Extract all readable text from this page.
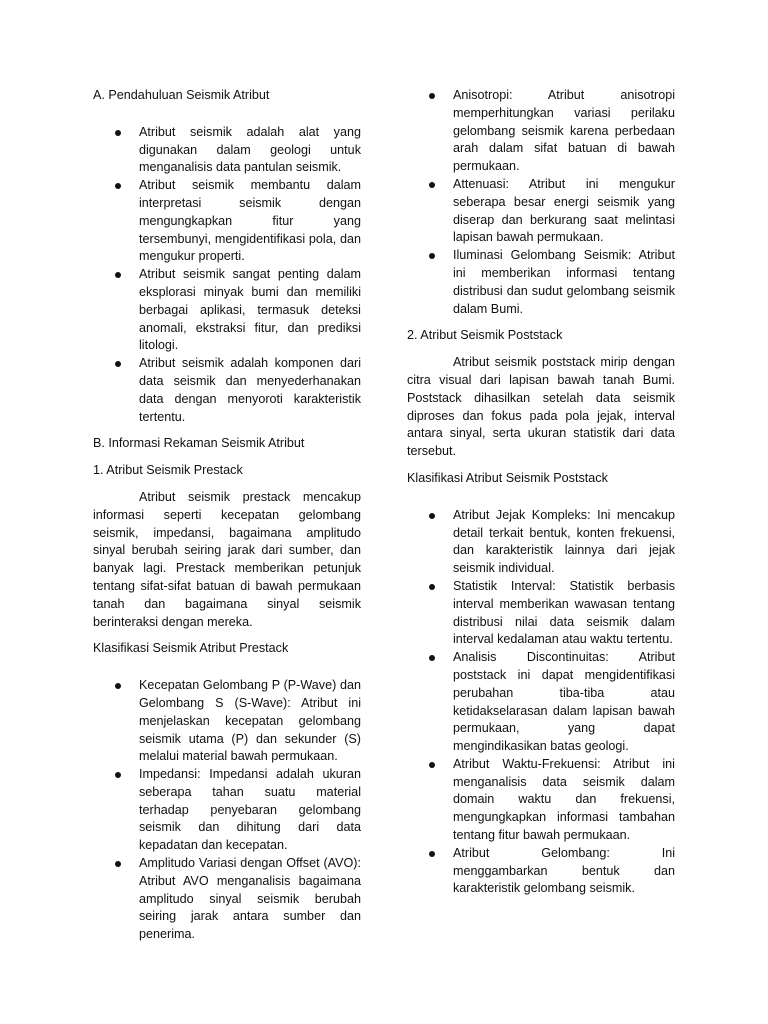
A. Pendahuluan Seismik Atribut
Atribut seismik adalah alat yang digunakan dalam geologi untuk menganalisis data pantulan seismik.
Atribut seismik membantu dalam interpretasi seismik dengan mengungkapkan fitur yang tersembunyi, mengidentifikasi pola, dan mengukur properti.
Atribut seismik sangat penting dalam eksplorasi minyak bumi dan memiliki berbagai aplikasi, termasuk deteksi anomali, ekstraksi fitur, dan prediksi litologi.
Atribut seismik adalah komponen dari data seismik dan menyederhanakan data dengan menyoroti karakteristik tertentu.
B. Informasi Rekaman Seismik Atribut
1. Atribut Seismik Prestack

Atribut seismik prestack mencakup informasi seperti kecepatan gelombang seismik, impedansi, bagaimana amplitudo sinyal berubah seiring jarak dari sumber, dan banyak lagi. Prestack memberikan petunjuk tentang sifat-sifat batuan di bawah permukaan tanah dan bagaimana sinyal seismik berinteraksi dengan mereka.

Klasifikasi Seismik Atribut Prestack
Kecepatan Gelombang P (P-Wave) dan Gelombang S (S-Wave): Atribut ini menjelaskan kecepatan gelombang seismik utama (P) dan sekunder (S) melalui material bawah permukaan.
Impedansi: Impedansi adalah ukuran seberapa tahan suatu material terhadap penyebaran gelombang seismik dan dihitung dari data kepadatan dan kecepatan.
Amplitudo Variasi dengan Offset (AVO): Atribut AVO menganalisis bagaimana amplitudo sinyal seismik berubah seiring jarak antara sumber dan penerima.
Anisotropi: Atribut anisotropi memperhitungkan variasi perilaku gelombang seismik karena perbedaan arah dalam sifat batuan di bawah permukaan.
Attenuasi: Atribut ini mengukur seberapa besar energi seismik yang diserap dan berkurang saat melintasi lapisan bawah permukaan.
Iluminasi Gelombang Seismik: Atribut ini memberikan informasi tentang distribusi dan sudut gelombang seismik dalam Bumi.
2. Atribut Seismik Poststack

Atribut seismik poststack mirip dengan citra visual dari lapisan bawah tanah Bumi. Poststack dihasilkan setelah data seismik diproses dan fokus pada pola jejak, interval antara sinyal, serta ukuran statistik dari data tersebut.

Klasifikasi Atribut Seismik Poststack
Atribut Jejak Kompleks: Ini mencakup detail terkait bentuk, konten frekuensi, dan karakteristik lainnya dari jejak seismik individual.
Statistik Interval: Statistik berbasis interval memberikan wawasan tentang distribusi nilai data seismik dalam interval kedalaman atau waktu tertentu.
Analisis Discontinuitas: Atribut poststack ini dapat mengidentifikasi perubahan tiba-tiba atau ketidakselarasan dalam lapisan bawah permukaan, yang dapat mengindikasikan batas geologi.
Atribut Waktu-Frekuensi: Atribut ini menganalisis data seismik dalam domain waktu dan frekuensi, mengungkapkan informasi tambahan tentang fitur bawah permukaan.
Atribut Gelombang: Ini menggambarkan bentuk dan karakteristik gelombang seismik.
